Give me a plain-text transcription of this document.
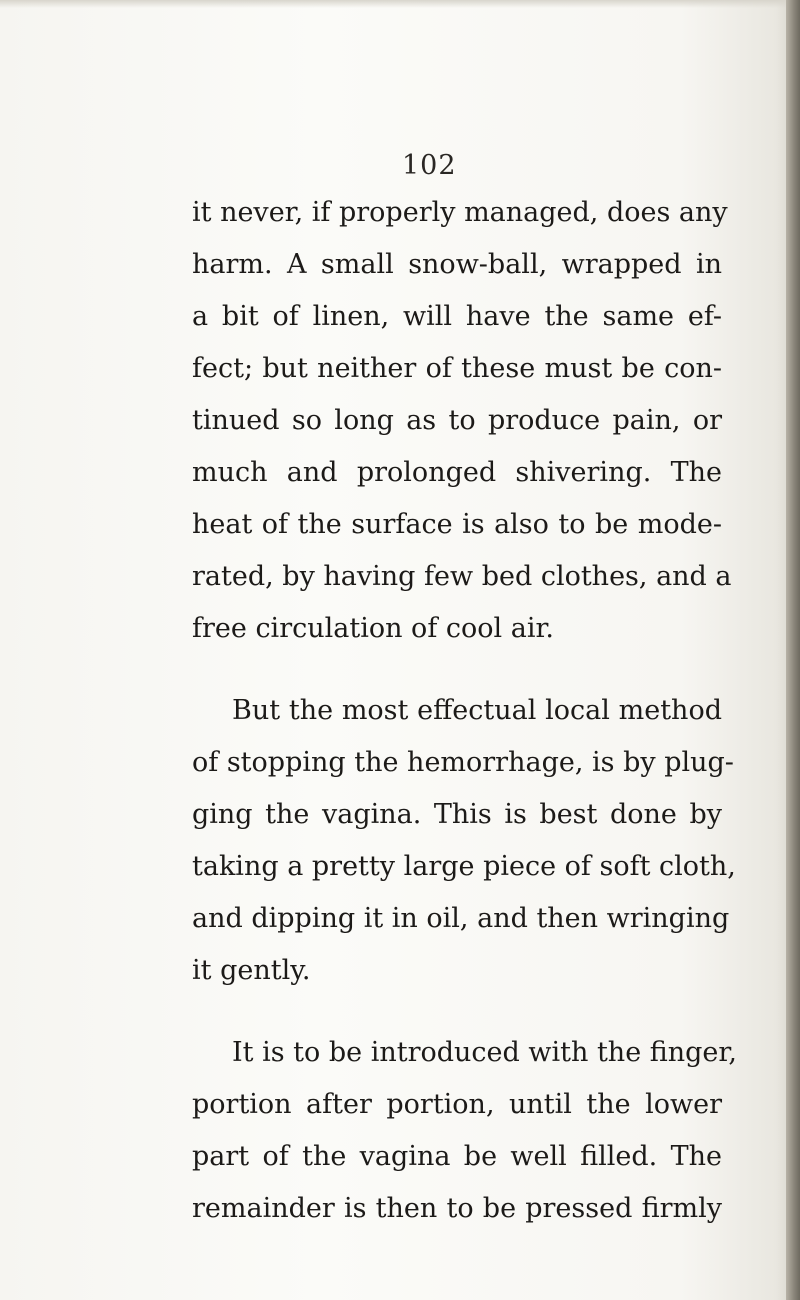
102
it never, if properly managed, does any
harm. A small snow-ball, wrapped in
a bit of linen, will have the same ef-
fect; but neither of these must be con-
tinued so long as to produce pain, or
much and prolonged shivering. The
heat of the surface is also to be mode-
rated, by having few bed clothes, and a
free circulation of cool air.
But the most effectual local method
of stopping the hemorrhage, is by plug-
ging the vagina. This is best done by
taking a pretty large piece of soft cloth,
and dipping it in oil, and then wringing
it gently.
It is to be introduced with the finger,
portion after portion, until the lower
part of the vagina be well filled. The
remainder is then to be pressed firmly
